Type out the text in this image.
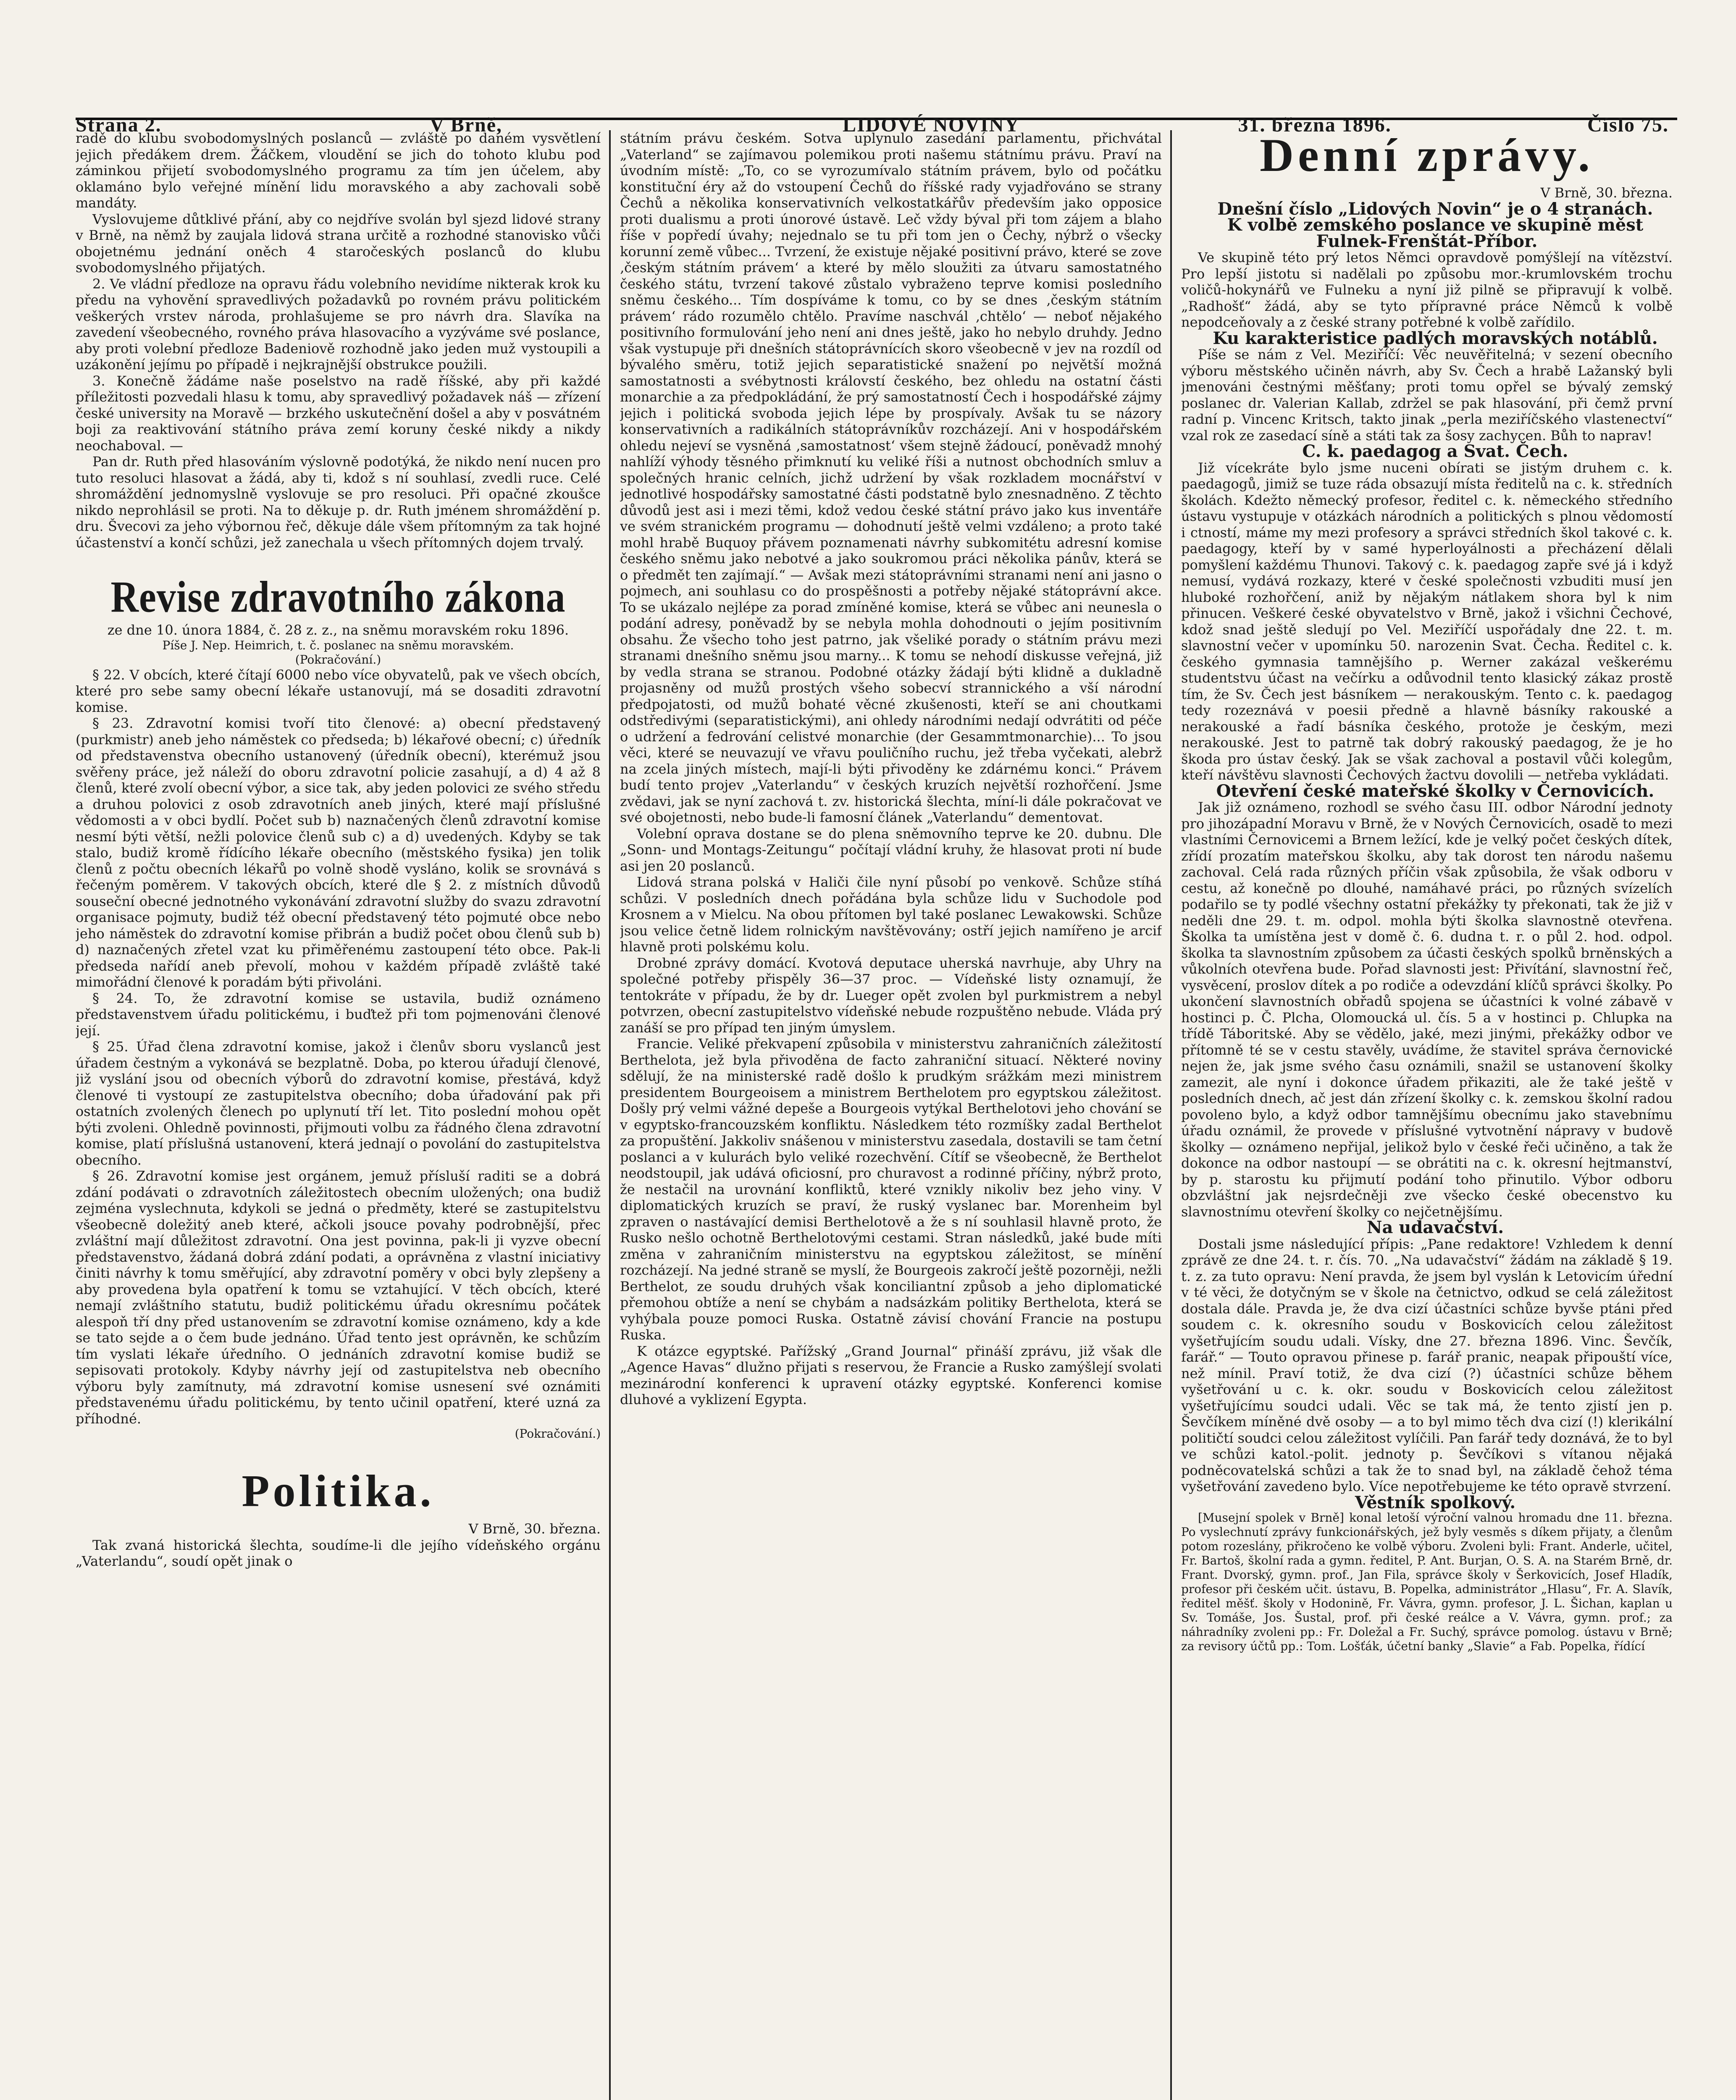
Strana 2.	V Brně,	LIDOVÉ NOVINY	31. března 1896.	Číslo 75.

radě do klubu svobodomyslných poslanců — zvláště po daném vysvětlení jejich předákem drem. Žáčkem, vloudění se jich do tohoto klubu pod záminkou přijetí svobodomyslného programu za tím jen účelem, aby oklamáno bylo veřejné mínění lidu moravského a aby zachovali sobě mandáty.

Vyslovujeme důtklivé přání, aby co nejdříve svolán byl sjezd lidové strany v Brně, na němž by zaujala lidová strana určitě a rozhodné stanovisko vůči obojetnému jednání oněch 4 staročeských poslanců do klubu svobodomyslného přijatých.

2. Ve vládní předloze na opravu řádu volebního nevidíme nikterak krok ku předu na vyhovění spravedlivých požadavků po rovném právu politickém veškerých vrstev národa, prohlašujeme se pro návrh dra. Slavíka na zavedení všeobecného, rovného práva hlasovacího a vyzýváme své poslance, aby proti volební předloze Badeniově rozhodně jako jeden muž vystoupili a uzákonění jejímu po případě i nejkrajnější obstrukce použili.

3. Konečně žádáme naše poselstvo na radě říšské, aby při každé příležitosti pozvedali hlasu k tomu, aby spravedlivý požadavek náš — zřízení české university na Moravě — brzkého uskutečnění došel a aby v posvátném boji za reaktivování státního práva zemí koruny české nikdy a nikdy neochaboval. —

Pan dr. Ruth před hlasováním výslovně podotýká, že nikdo není nucen pro tuto resoluci hlasovat a žádá, aby ti, kdož s ní souhlasí, zvedli ruce. Celé shromáždění jednomyslně vyslovuje se pro resoluci. Při opačné zkoušce nikdo neprohlásil se proti. Na to děkuje p. dr. Ruth jménem shromáždění p. dru. Švecovi za jeho výbornou řeč, děkuje dále všem přítomným za tak hojné účastenství a končí schůzi, jež zanechala u všech přítomných dojem trvalý.

Revise zdravotního zákona

ze dne 10. února 1884, č. 28 z. z., na sněmu moravském roku 1896.

Píše J. Nep. Heimrich, t. č. poslanec na sněmu moravském.

(Pokračování.)

§ 22. V obcích, které čítají 6000 nebo více obyvatelů, pak ve všech obcích, které pro sebe samy obecní lékaře ustanovují, má se dosaditi zdravotní komise.

§ 23. Zdravotní komisi tvoří tito členové: a) obecní představený (purkmistr) aneb jeho náměstek co předseda; b) lékařové obecní; c) úředník od představenstva obecního ustanovený (úředník obecní), kterémuž jsou svěřeny práce, jež náleží do oboru zdravotní policie zasahují, a d) 4 až 8 členů, které zvolí obecní výbor, a sice tak, aby jeden polovici ze svého středu a druhou polovici z osob zdravotních aneb jiných, které mají příslušné vědomosti a v obci bydlí. Počet sub b) naznačených členů zdravotní komise nesmí býti větší, nežli polovice členů sub c) a d) uvedených. Kdyby se tak stalo, budiž kromě řídícího lékaře obecního (městského fysika) jen tolik členů z počtu obecních lékařů po volně shodě vysláno, kolik se srovnává s řečeným poměrem. V takových obcích, které dle § 2. z místních důvodů souseční obecné jednotného vykonávání zdravotní služby do svazu zdravotní organisace pojmuty, budiž též obecní představený této pojmuté obce nebo jeho náměstek do zdravotní komise přibrán a budiž počet obou členů sub b) d) naznačených zřetel vzat ku přiměřenému zastoupení této obce. Pak-li předseda nařídí aneb převolí, mohou v každém případě zvláště také mimořádní členové k poradám býti přivoláni.

§ 24. To, že zdravotní komise se ustavila, budiž oznámeno představenstvem úřadu politickému, i buďtež při tom pojmenováni členové její.

§ 25. Úřad člena zdravotní komise, jakož i členův sboru vyslanců jest úřadem čestným a vykonává se bezplatně. Doba, po kterou úřadují členové, již vyslání jsou od obecních výborů do zdravotní komise, přestává, když členové ti vystoupí ze zastupitelstva obecního; doba úřadování pak při ostatních zvolených členech po uplynutí tří let. Tito poslední mohou opět býti zvoleni. Ohledně povinnosti, přijmouti volbu za řádného člena zdravotní komise, platí příslušná ustanovení, která jednají o povolání do zastupitelstva obecního.

§ 26. Zdravotní komise jest orgánem, jemuž přísluší raditi se a dobrá zdání podávati o zdravotních záležitostech obecním uložených; ona budiž zejména vyslechnuta, kdykoli se jedná o předměty, které se zastupitelstvu všeobecně doležitý aneb které, ačkoli jsouce povahy podrobnější, přec zvláštní mají důležitost zdravotní. Ona jest povinna, pak-li ji vyzve obecní představenstvo, žádaná dobrá zdání podati, a oprávněna z vlastní iniciativy činiti návrhy k tomu směřující, aby zdravotní poměry v obci byly zlepšeny a aby provedena byla opatření k tomu se vztahující. V těch obcích, které nemají zvláštního statutu, budiž politickému úřadu okresnímu počátek alespoň tří dny před ustanovením se zdravotní komise oznámeno, kdy a kde se tato sejde a o čem bude jednáno. Úřad tento jest oprávněn, ke schůzím tím vyslati lékaře úředního. O jednáních zdravotní komise budiž se sepisovati protokoly. Kdyby návrhy její od zastupitelstva neb obecního výboru byly zamítnuty, má zdravotní komise usnesení své oznámiti představenému úřadu politickému, by tento učinil opatření, které uzná za příhodné.

(Pokračování.)

Politika.

V Brně, 30. března.

Tak zvaná historická šlechta, soudíme-li dle jejího vídeňského orgánu „Vaterlandu“, soudí opět jinak o

státním právu českém. Sotva uplynulo zasedání parlamentu, přichvátal „Vaterland“ se zajímavou polemikou proti našemu státnímu právu. Praví na úvodním místě: „To, co se vyrozumívalo státním právem, bylo od počátku konstituční éry až do vstoupení Čechů do říšské rady vyjadřováno se strany Čechů a několika konservativních velkostatkářův především jako opposice proti dualismu a proti únorové ústavě. Leč vždy býval při tom zájem a blaho říše v popředí úvahy; nejednalo se tu při tom jen o Čechy, nýbrž o všecky korunní země vůbec... Tvrzení, že existuje nějaké positivní právo, které se zove ‚českým státním právem‘ a které by mělo sloužiti za útvaru samostatného českého státu, tvrzení takové zůstalo vybraženo teprve komisi posledního sněmu českého... Tím dospíváme k tomu, co by se dnes ‚českým státním právem‘ rádo rozumělo chtělo. Pravíme naschvál ‚chtělo‘ — neboť nějakého positivního formulování jeho není ani dnes ještě, jako ho nebylo druhdy. Jedno však vystupuje při dnešních státoprávnících skoro všeobecně v jev na rozdíl od bývalého směru, totiž jejich separatistické snažení po největší možná samostatnosti a svébytnosti královstí českého, bez ohledu na ostatní části monarchie a za předpokládání, že prý samostatností Čech i hospodářské zájmy jejich i politická svoboda jejich lépe by prospívaly. Avšak tu se názory konservativních a radikálních státoprávníkův rozcházejí. Ani v hospodářském ohledu nejeví se vysněná ‚samostatnost‘ všem stejně žádoucí, poněvadž mnohý nahlíží výhody těsného přimknutí ku veliké říši a nutnost obchodních smluv a společných hranic celních, jichž udržení by však rozkladem mocnářství v jednotlivé hospodářsky samostatné části podstatně bylo znesnadněno. Z těchto důvodů jest asi i mezi těmi, kdož vedou české státní právo jako kus inventáře ve svém stranickém programu — dohodnutí ještě velmi vzdáleno; a proto také mohl hrabě Buquoy přávem poznamenati návrhy subkomitétu adresní komise českého sněmu jako nebotvé a jako soukromou práci několika pánův, která se o předmět ten zajímají.“ — Avšak mezi státoprávními stranami není ani jasno o pojmech, ani souhlasu co do prospěšnosti a potřeby nějaké státoprávní akce. To se ukázalo nejlépe za porad zmíněné komise, která se vůbec ani neunesla o podání adresy, poněvadž by se nebyla mohla dohodnouti o jejím positivním obsahu. Že všecho toho jest patrno, jak všeliké porady o státním právu mezi stranami dnešního sněmu jsou marny... K tomu se nehodí diskusse veřejná, již by vedla strana se stranou. Podobné otázky žádají býti klidně a dukladně projasněny od mužů prostých všeho sobecví strannického a vší národní předpojatosti, od mužů bohaté věcné zkušenosti, kteří se ani choutkami odstředivými (separatistickými), ani ohledy národními nedají odvrátiti od péče o udržení a fedrování celistvé monarchie (der Gesammtmonarchie)... To jsou věci, které se neuvazují ve vřavu pouličního ruchu, jež třeba vyčekati, alebrž na zcela jiných místech, mají-li býti přivoděny ke zdárnému konci.“ Právem budí tento projev „Vaterlandu“ v českých kruzích největší rozhořčení. Jsme zvědavi, jak se nyní zachová t. zv. historická šlechta, míní-li dále pokračovat ve své obojetnosti, nebo bude-li famosní článek „Vaterlandu“ dementovat.

Volební oprava dostane se do plena sněmovního teprve ke 20. dubnu. Dle „Sonn- und Montags-Zeitungu“ počítají vládní kruhy, že hlasovat proti ní bude asi jen 20 poslanců.

Lidová strana polská v Haliči čile nyní působí po venkově. Schůze stíhá schůzi. V posledních dnech pořádána byla schůze lidu v Suchodole pod Krosnem a v Mielcu. Na obou přítomen byl také poslanec Lewakowski. Schůze jsou velice četně lidem rolnickým navštěvovány; ostří jejich namířeno je arcif hlavně proti polskému kolu.

Drobné zprávy domácí. Kvotová deputace uherská navrhuje, aby Uhry na společné potřeby přispěly 36—37 proc. — Vídeňské listy oznamují, že tentokráte v případu, že by dr. Lueger opět zvolen byl purkmistrem a nebyl potvrzen, obecní zastupitelstvo vídeňské nebude rozpuštěno nebude. Vláda prý zanáší se pro případ ten jiným úmyslem.

Francie. Veliké překvapení způsobila v ministerstvu zahraničních záležitostí Berthelota, jež byla přivoděna de facto zahraniční situací. Některé noviny sdělují, že na ministerské radě došlo k prudkým srážkám mezi ministrem presidentem Bourgeoisem a ministrem Berthelotem pro egyptskou záležitost. Došly prý velmi vážné depeše a Bourgeois vytýkal Berthelotovi jeho chování se v egyptsko-francouzském konfliktu. Následkem této rozmíšky zadal Berthelot za propuštění. Jakkoliv snášenou v ministerstvu zasedala, dostavili se tam četní poslanci a v kulurách bylo veliké rozechvění. Cítíf se všeobecně, že Berthelot neodstoupil, jak udává oficiosní, pro churavost a rodinné příčiny, nýbrž proto, že nestačil na urovnání konfliktů, které vznikly nikoliv bez jeho viny. V diplomatických kruzích se praví, že ruský vyslanec bar. Morenheim byl zpraven o nastávající demisi Berthelotově a že s ní souhlasil hlavně proto, že Rusko nešlo ochotně Berthelotovými cestami. Stran následků, jaké bude míti změna v zahraničním ministerstvu na egyptskou záležitost, se mínění rozcházejí. Na jedné straně se myslí, že Bourgeois zakročí ještě pozorněji, nežli Berthelot, ze soudu druhých však konciliantní způsob a jeho diplomatické přemohou obtíže a není se chybám a nadsázkám politiky Berthelota, která se vyhýbala pouze pomoci Ruska. Ostatně závisí chování Francie na postupu Ruska.

K otázce egyptské. Pařížský „Grand Journal“ přináší zprávu, již však dle „Agence Havas“ dlužno přijati s reservou, že Francie a Rusko zamýšlejí svolati mezinárodní konferenci k upravení otázky egyptské. Konferenci komise dluhové a vyklizení Egypta.

Denní zprávy.

V Brně, 30. března.

Dnešní číslo „Lidových Novin“ je o 4 stranách.

K volbě zemského poslance ve skupině měst Fulnek-Frenštát-Příbor.

Ve skupině této prý letos Němci opravdově pomýšlejí na vítězství. Pro lepší jistotu si nadělali po způsobu mor.-krumlovském trochu voličů-hokynářů ve Fulneku a nyní již pilně se připravují k volbě. „Radhošť“ žádá, aby se tyto přípravné práce Němců k volbě nepodceňovaly a z české strany potřebné k volbě zařídilo.

Ku karakteristice padlých moravských notáblů.

Píše se nám z Vel. Meziříčí: Věc neuvěřitelná; v sezení obecního výboru městského učiněn návrh, aby Sv. Čech a hrabě Lažanský byli jmenováni čestnými měšťany; proti tomu opřel se bývalý zemský poslanec dr. Valerian Kallab, zdržel se pak hlasování, při čemž první radní p. Vincenc Kritsch, takto jinak „perla meziříčského vlastenectví“ vzal rok ze zasedací síně a státi tak za šosy zachycen. Bůh to naprav!

C. k. paedagog a Svat. Čech.

Již vícekráte bylo jsme nuceni obírati se jistým druhem c. k. paedagogů, jimiž se tuze ráda obsazují místa ředitelů na c. k. středních školách. Kdežto německý profesor, ředitel c. k. německého středního ústavu vystupuje v otázkách národních a politických s plnou vědomostí i ctností, máme my mezi profesory a správci středních škol takové c. k. paedagogy, kteří by v samé hyperloyálnosti a přecházení dělali pomyšlení každému Thunovi. Takový c. k. paedagog zapře své já i když nemusí, vydává rozkazy, které v české společnosti vzbuditi musí jen hluboké rozhořčení, aniž by nějakým nátlakem shora byl k nim přinucen. Veškeré české obyvatelstvo v Brně, jakož i všichni Čechové, kdož snad ještě sledují po Vel. Meziříčí uspořádaly dne 22. t. m. slavnostní večer v upomínku 50. narozenin Svat. Čecha. Ředitel c. k. českého gymnasia tamnějšího p. Werner zakázal veškerému studentstvu účast na večírku a odůvodnil tento klasický zákaz prostě tím, že Sv. Čech jest básníkem — nerakouským. Tento c. k. paedagog tedy rozeznává v poesii předně a hlavně básníky rakouské a nerakouské a řadí básníka českého, protože je českým, mezi nerakouské. Jest to patrně tak dobrý rakouský paedagog, že je ho škoda pro ústav český. Jak se však zachoval a postavil vůči kolegům, kteří návštěvu slavnosti Čechových žactvu dovolili — netřeba vykládati.

Otevření české mateřské školky v Černovicích.

Jak již oznámeno, rozhodl se svého času III. odbor Národní jednoty pro jihozápadní Moravu v Brně, že v Nových Černovicích, osadě to mezi vlastními Černovicemi a Brnem ležící, kde je velký počet českých dítek, zřídí prozatím mateřskou školku, aby tak dorost ten národu našemu zachoval. Celá rada různých příčin však způsobila, že však odboru v cestu, až konečně po dlouhé, namáhavé práci, po různých svízelích podařilo se ty podlé všechny ostatní překážky ty překonati, tak že již v neděli dne 29. t. m. odpol. mohla býti školka slavnostně otevřena. Školka ta umístěna jest v domě č. 6. dudna t. r. o půl 2. hod. odpol. školka ta slavnostním způsobem za účasti českých spolků brněnských a vůkolních otevřena bude. Pořad slavnosti jest: Přivítání, slavnostní řeč, vysvěcení, proslov dítek a po rodiče a odevzdání klíčů správci školky. Po ukončení slavnostních obřadů spojena se účastníci k volné zábavě v hostinci p. Č. Plcha, Olomoucká ul. čís. 5 a v hostinci p. Chlupka na třídě Táboritské. Aby se vědělo, jaké, mezi jinými, překážky odbor ve přítomně té se v cestu stavěly, uvádíme, že stavitel správa černovické nejen že, jak jsme svého času oznámili, snažil se ustanovení školky zamezit, ale nyní i dokonce úřadem přikaziti, ale že také ještě v posledních dnech, ač jest dán zřízení školky c. k. zemskou školní radou povoleno bylo, a když odbor tamnějšímu obecnímu jako stavebnímu úřadu oznámil, že provede v příslušné vytvotnění nápravy v budově školky — oznámeno nepřijal, jelikož bylo v české řeči učiněno, a tak že dokonce na odbor nastoupí — se obrátiti na c. k. okresní hejtmanství, by p. starostu ku přijmutí podání toho přinutilo. Výbor odboru obzvláštní jak nejsrdečněji zve všecko české obecenstvo ku slavnostnímu otevření školky co nejčetnějšímu.

Na udavačství.

Dostali jsme následující přípis: „Pane redaktore! Vzhledem k denní zprávě ze dne 24. t. r. čís. 70. „Na udavačství“ žádám na základě § 19. t. z. za tuto opravu: Není pravda, že jsem byl vyslán k Letovicím úřední v té věci, že dotyčným se v škole na četnictvo, odkud se celá záležitost dostala dále. Pravda je, že dva cizí účastníci schůze byvše ptáni před soudem c. k. okresního soudu v Boskovicích celou záležitost vyšetřujícím soudu udali. Vísky, dne 27. března 1896. Vinc. Ševčík, farář.“ — Touto opravou přinese p. farář pranic, neapak připouští více, než mínil. Praví totiž, že dva cizí (?) účastníci schůze během vyšetřování u c. k. okr. soudu v Boskovicích celou záležitost vyšetřujícímu soudci udali. Věc se tak má, že tento zjistí jen p. Ševčíkem míněné dvě osoby — a to byl mimo těch dva cizí (!) klerikální političtí soudci celou záležitost vylíčili. Pan farář tedy doznává, že to byl ve schůzi katol.-polit. jednoty p. Ševčíkovi s vítanou nějaká podněcovatelská schůzi a tak že to snad byl, na základě čehož téma vyšetřování zavedeno bylo. Více nepotřebujeme ke této opravě stvrzení.

Věstník spolkový.

[Musejní spolek v Brně] konal letoší výroční valnou hromadu dne 11. března. Po vyslechnutí zprávy funkcionářských, jež byly vesměs s díkem přijaty, a členům potom rozeslány, přikročeno ke volbě výboru. Zvoleni byli: Frant. Anderle, učitel, Fr. Bartoš, školní rada a gymn. ředitel, P. Ant. Burjan, O. S. A. na Starém Brně, dr. Frant. Dvorský, gymn. prof., Jan Fila, správce školy v Šerkovicích, Josef Hladík, profesor při českém učit. ústavu, B. Popelka, administrátor „Hlasu“, Fr. A. Slavík, ředitel měšť. školy v Hodonině, Fr. Vávra, gymn. profesor, J. L. Šichan, kaplan u Sv. Tomáše, Jos. Šustal, prof. při české reálce a V. Vávra, gymn. prof.; za náhradníky zvoleni pp.: Fr. Doležal a Fr. Suchý, správce pomolog. ústavu v Brně; za revisory účtů pp.: Tom. Lošťák, účetní banky „Slavie“ a Fab. Popelka, řídící
